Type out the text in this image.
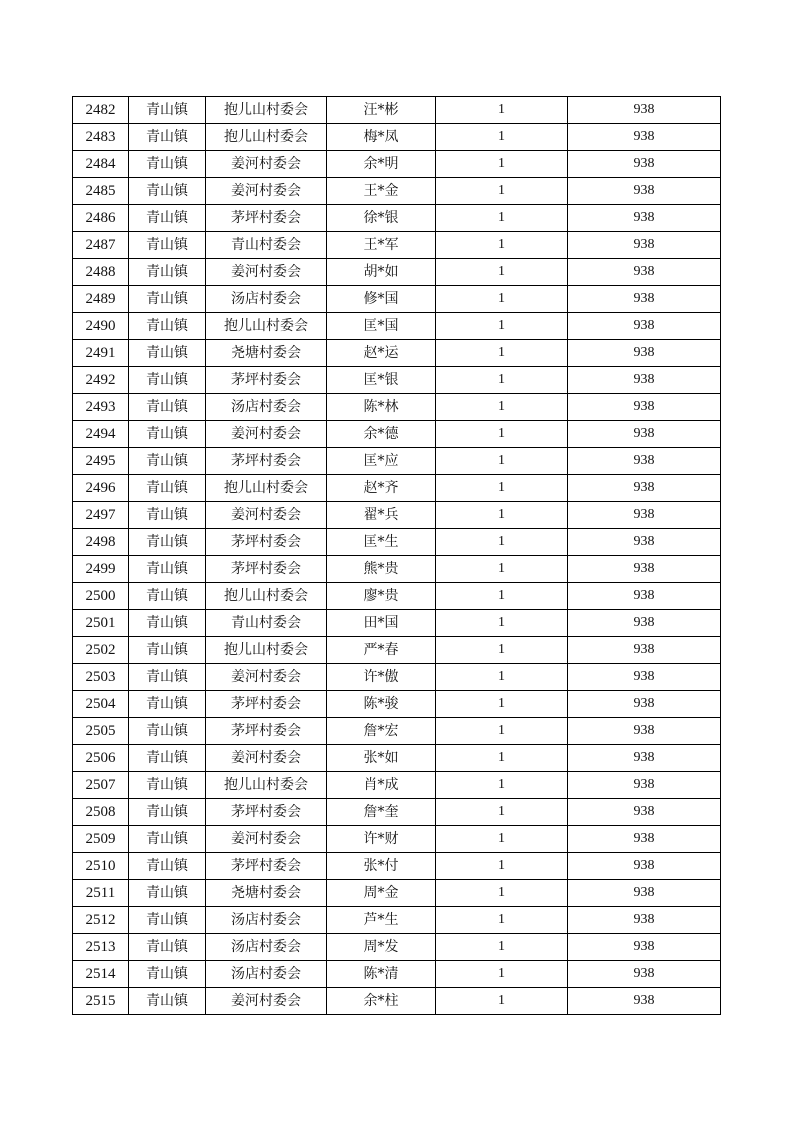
2482	青山镇	抱儿山村委会	汪*彬	1	938
2483	青山镇	抱儿山村委会	梅*凤	1	938
2484	青山镇	姜河村委会	余*明	1	938
2485	青山镇	姜河村委会	王*金	1	938
2486	青山镇	茅坪村委会	徐*银	1	938
2487	青山镇	青山村委会	王*军	1	938
2488	青山镇	姜河村委会	胡*如	1	938
2489	青山镇	汤店村委会	修*国	1	938
2490	青山镇	抱儿山村委会	匡*国	1	938
2491	青山镇	尧塘村委会	赵*运	1	938
2492	青山镇	茅坪村委会	匡*银	1	938
2493	青山镇	汤店村委会	陈*林	1	938
2494	青山镇	姜河村委会	余*德	1	938
2495	青山镇	茅坪村委会	匡*应	1	938
2496	青山镇	抱儿山村委会	赵*齐	1	938
2497	青山镇	姜河村委会	翟*兵	1	938
2498	青山镇	茅坪村委会	匡*生	1	938
2499	青山镇	茅坪村委会	熊*贵	1	938
2500	青山镇	抱儿山村委会	廖*贵	1	938
2501	青山镇	青山村委会	田*国	1	938
2502	青山镇	抱儿山村委会	严*春	1	938
2503	青山镇	姜河村委会	许*傲	1	938
2504	青山镇	茅坪村委会	陈*骏	1	938
2505	青山镇	茅坪村委会	詹*宏	1	938
2506	青山镇	姜河村委会	张*如	1	938
2507	青山镇	抱儿山村委会	肖*成	1	938
2508	青山镇	茅坪村委会	詹*奎	1	938
2509	青山镇	姜河村委会	许*财	1	938
2510	青山镇	茅坪村委会	张*付	1	938
2511	青山镇	尧塘村委会	周*金	1	938
2512	青山镇	汤店村委会	芦*生	1	938
2513	青山镇	汤店村委会	周*发	1	938
2514	青山镇	汤店村委会	陈*清	1	938
2515	青山镇	姜河村委会	余*柱	1	938
